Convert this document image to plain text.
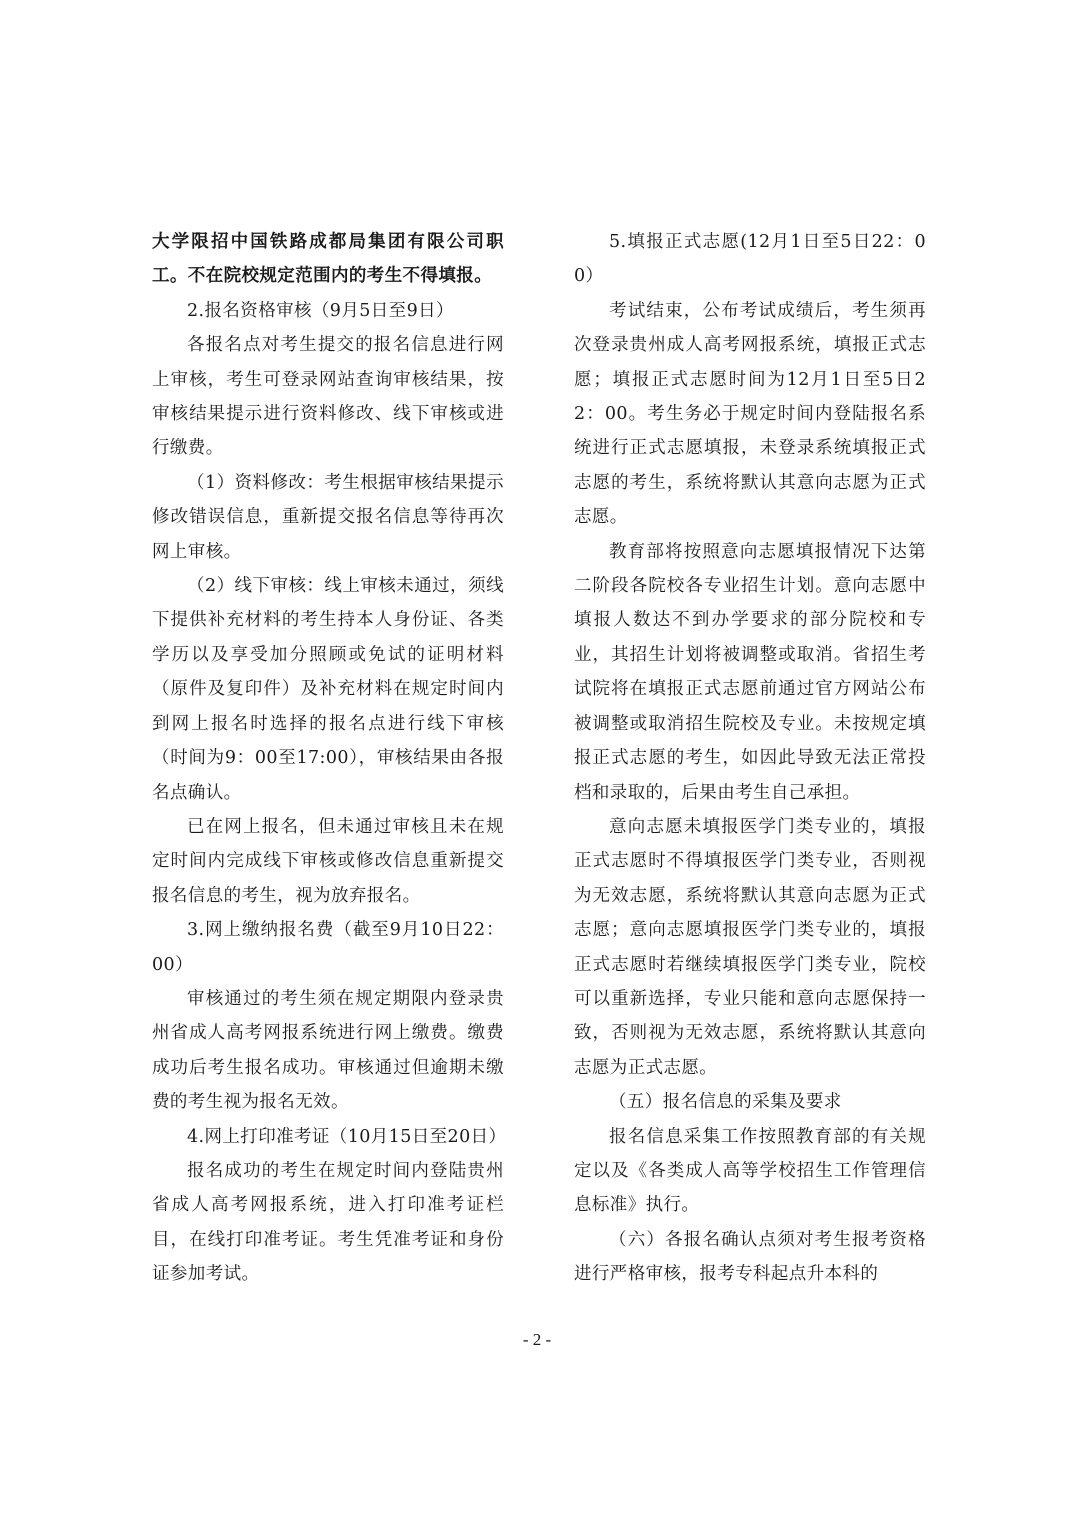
大学限招中国铁路成都局集团有限公司职工。不在院校规定范围内的考生不得填报。

2.报名资格审核（9月5日至9日）

各报名点对考生提交的报名信息进行网上审核，考生可登录网站查询审核结果，按审核结果提示进行资料修改、线下审核或进行缴费。

（1）资料修改：考生根据审核结果提示修改错误信息，重新提交报名信息等待再次网上审核。

（2）线下审核：线上审核未通过，须线下提供补充材料的考生持本人身份证、各类学历以及享受加分照顾或免试的证明材料（原件及复印件）及补充材料在规定时间内到网上报名时选择的报名点进行线下审核（时间为9：00至17:00），审核结果由各报名点确认。

已在网上报名，但未通过审核且未在规定时间内完成线下审核或修改信息重新提交报名信息的考生，视为放弃报名。

3.网上缴纳报名费（截至9月10日22：00）

审核通过的考生须在规定期限内登录贵州省成人高考网报系统进行网上缴费。缴费成功后考生报名成功。审核通过但逾期未缴费的考生视为报名无效。

4.网上打印准考证（10月15日至20日）

报名成功的考生在规定时间内登陆贵州省成人高考网报系统，进入打印准考证栏目，在线打印准考证。考生凭准考证和身份证参加考试。

5.填报正式志愿(12月1日至5日22：00）

考试结束，公布考试成绩后，考生须再次登录贵州成人高考网报系统，填报正式志愿；填报正式志愿时间为12月1日至5日22：00。考生务必于规定时间内登陆报名系统进行正式志愿填报，未登录系统填报正式志愿的考生，系统将默认其意向志愿为正式志愿。

教育部将按照意向志愿填报情况下达第二阶段各院校各专业招生计划。意向志愿中填报人数达不到办学要求的部分院校和专业，其招生计划将被调整或取消。省招生考试院将在填报正式志愿前通过官方网站公布被调整或取消招生院校及专业。未按规定填报正式志愿的考生，如因此导致无法正常投档和录取的，后果由考生自己承担。

意向志愿未填报医学门类专业的，填报正式志愿时不得填报医学门类专业，否则视为无效志愿，系统将默认其意向志愿为正式志愿；意向志愿填报医学门类专业的，填报正式志愿时若继续填报医学门类专业，院校可以重新选择，专业只能和意向志愿保持一致，否则视为无效志愿，系统将默认其意向志愿为正式志愿。

（五）报名信息的采集及要求

报名信息采集工作按照教育部的有关规定以及《各类成人高等学校招生工作管理信息标准》执行。

（六）各报名确认点须对考生报考资格进行严格审核，报考专科起点升本科的

- 2 -
